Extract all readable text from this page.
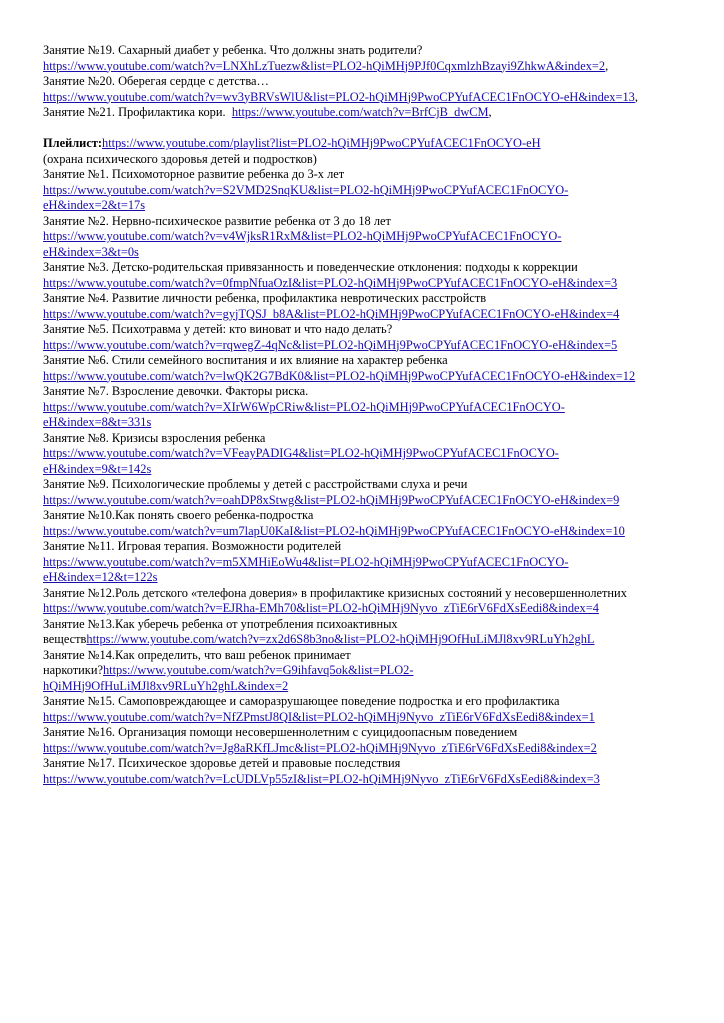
Занятие №19. Сахарный диабет у ребенка. Что должны знать родители?
https://www.youtube.com/watch?v=LNXhLzTuezw&list=PLO2-hQiMHj9PJf0CqxmlzhBzayi9ZhkwA&index=2,
Занятие №20. Оберегая сердце с детства…
https://www.youtube.com/watch?v=wv3yBRVsWlU&list=PLO2-hQiMHj9PwoCPYufACEC1FnOCYO-eH&index=13,
Занятие №21. Профилактика кори.  https://www.youtube.com/watch?v=BrfCjB_dwCM,
Плейлист:https://www.youtube.com/playlist?list=PLO2-hQiMHj9PwoCPYufACEC1FnOCYO-eH
(охрана психического здоровья детей и подростков)
Занятие №1. Психомоторное развитие ребенка до 3-х лет
https://www.youtube.com/watch?v=S2VMD2SnqKU&list=PLO2-hQiMHj9PwoCPYufACEC1FnOCYO-
eH&index=2&t=17s
Занятие №2. Нервно-психическое развитие ребенка от 3 до 18 лет
https://www.youtube.com/watch?v=v4WjksR1RxM&list=PLO2-hQiMHj9PwoCPYufACEC1FnOCYO-
eH&index=3&t=0s
Занятие №3. Детско-родительская привязанность и поведенческие отклонения: подходы к коррекции
https://www.youtube.com/watch?v=0fmpNfuaOzI&list=PLO2-hQiMHj9PwoCPYufACEC1FnOCYO-eH&index=3
Занятие №4. Развитие личности ребенка, профилактика невротических расстройств
https://www.youtube.com/watch?v=gyjTQSJ_b8A&list=PLO2-hQiMHj9PwoCPYufACEC1FnOCYO-eH&index=4
Занятие №5. Психотравма у детей: кто виноват и что надо делать?
https://www.youtube.com/watch?v=rqwegZ-4qNc&list=PLO2-hQiMHj9PwoCPYufACEC1FnOCYO-eH&index=5
Занятие №6. Стили семейного воспитания и их влияние на характер ребенка
https://www.youtube.com/watch?v=lwQK2G7BdK0&list=PLO2-hQiMHj9PwoCPYufACEC1FnOCYO-eH&index=12
Занятие №7. Взросление девочки. Факторы риска.
https://www.youtube.com/watch?v=XIrW6WpCRiw&list=PLO2-hQiMHj9PwoCPYufACEC1FnOCYO-
eH&index=8&t=331s
Занятие №8. Кризисы взросления ребенка
https://www.youtube.com/watch?v=VFeayPADIG4&list=PLO2-hQiMHj9PwoCPYufACEC1FnOCYO-
eH&index=9&t=142s
Занятие №9. Психологические проблемы у детей с расстройствами слуха и речи
https://www.youtube.com/watch?v=oahDP8xStwg&list=PLO2-hQiMHj9PwoCPYufACEC1FnOCYO-eH&index=9
Занятие №10.Как понять своего ребенка-подростка
https://www.youtube.com/watch?v=um7lapU0KaI&list=PLO2-hQiMHj9PwoCPYufACEC1FnOCYO-eH&index=10
Занятие №11. Игровая терапия. Возможности родителей
https://www.youtube.com/watch?v=m5XMHiEoWu4&list=PLO2-hQiMHj9PwoCPYufACEC1FnOCYO-
eH&index=12&t=122s
Занятие №12.Роль детского «телефона доверия» в профилактике кризисных состояний у несовершеннолетних
https://www.youtube.com/watch?v=EJRha-EMh70&list=PLO2-hQiMHj9Nyvo_zTiE6rV6FdXsEedi8&index=4
Занятие №13.Как уберечь ребенка от употребления психоактивных
веществhttps://www.youtube.com/watch?v=zx2d6S8b3no&list=PLO2-hQiMHj9OfHuLiMJl8xv9RLuYh2ghL
Занятие №14.Как определить, что ваш ребенок принимает
наркотики?https://www.youtube.com/watch?v=G9ihfavq5ok&list=PLO2-
hQiMHj9OfHuLiMJl8xv9RLuYh2ghL&index=2
Занятие №15. Самоповреждающее и саморазрушающее поведение подростка и его профилактика
https://www.youtube.com/watch?v=NfZPmstJ8QI&list=PLO2-hQiMHj9Nyvo_zTiE6rV6FdXsEedi8&index=1
Занятие №16. Организация помощи несовершеннолетним с суицидоопасным поведением
https://www.youtube.com/watch?v=Jg8aRKfLJmc&list=PLO2-hQiMHj9Nyvo_zTiE6rV6FdXsEedi8&index=2
Занятие №17. Психическое здоровье детей и правовые последствия
https://www.youtube.com/watch?v=LcUDLVp55zI&list=PLO2-hQiMHj9Nyvo_zTiE6rV6FdXsEedi8&index=3
